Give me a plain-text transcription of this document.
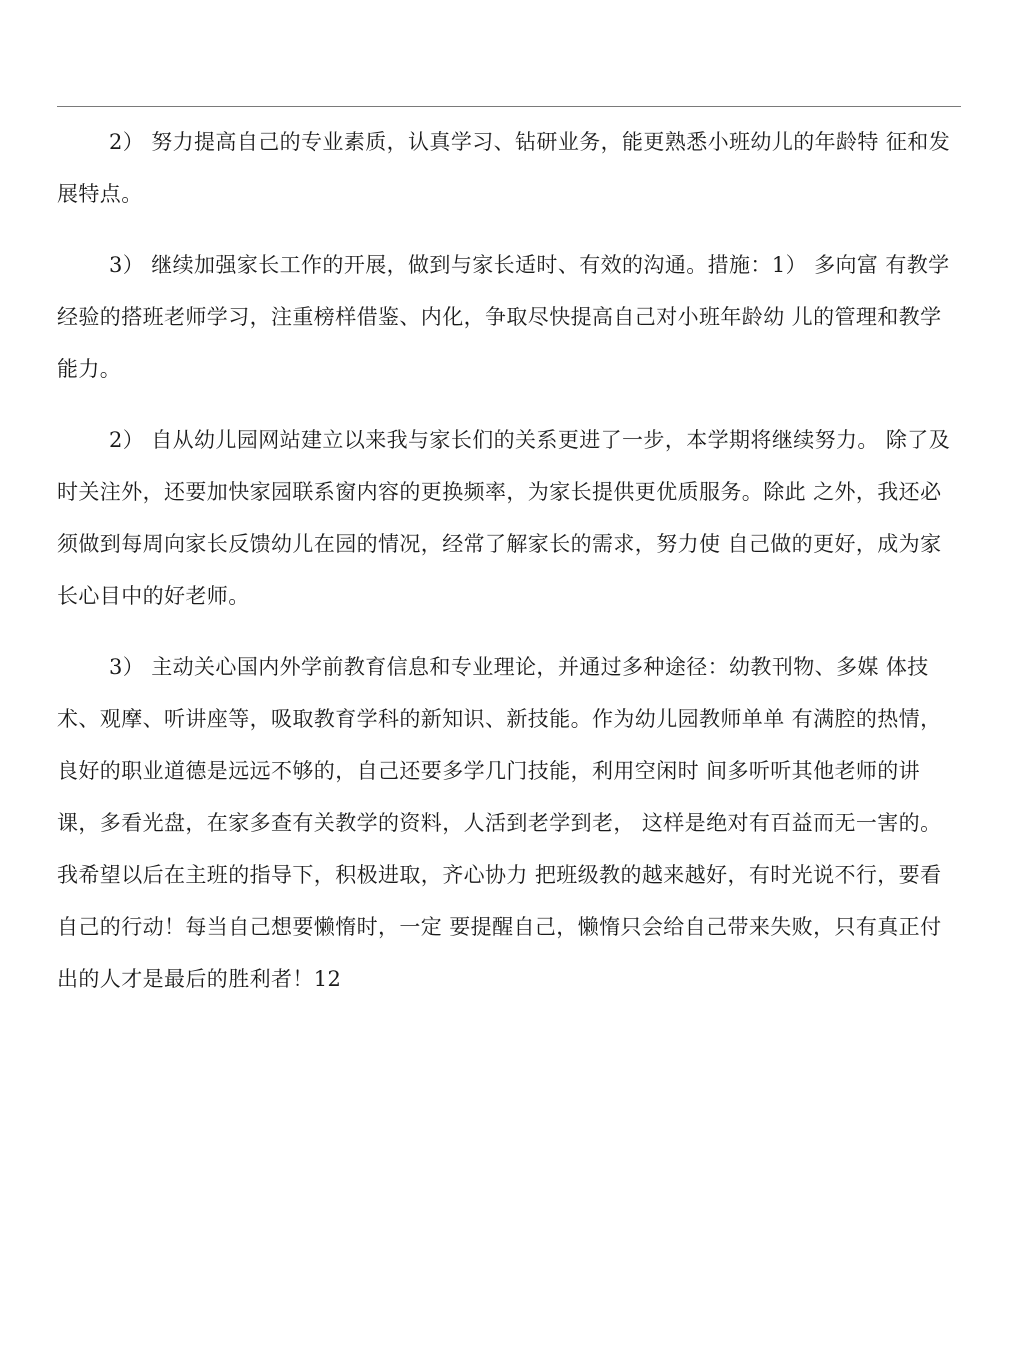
2） 努力提高自己的专业素质，认真学习、钻研业务，能更熟悉小班幼儿的年龄特 征和发展特点。

3） 继续加强家长工作的开展，做到与家长适时、有效的沟通。措施：1） 多向富 有教学经验的搭班老师学习，注重榜样借鉴、内化，争取尽快提高自己对小班年龄幼 儿的管理和教学能力。

2） 自从幼儿园网站建立以来我与家长们的关系更进了一步，本学期将继续努力。 除了及时关注外，还要加快家园联系窗内容的更换频率，为家长提供更优质服务。除此 之外，我还必须做到每周向家长反馈幼儿在园的情况，经常了解家长的需求，努力使 自己做的更好，成为家长心目中的好老师。

3） 主动关心国内外学前教育信息和专业理论，并通过多种途径：幼教刊物、多媒 体技术、观摩、听讲座等，吸取教育学科的新知识、新技能。作为幼儿园教师单单 有满腔的热情，良好的职业道德是远远不够的，自己还要多学几门技能，利用空闲时 间多听听其他老师的讲课，多看光盘，在家多查有关教学的资料，人活到老学到老， 这样是绝对有百益而无一害的。我希望以后在主班的指导下，积极进取，齐心协力 把班级教的越来越好，有时光说不行，要看自己的行动！每当自己想要懒惰时，一定 要提醒自己，懒惰只会给自己带来失败，只有真正付出的人才是最后的胜利者！12
